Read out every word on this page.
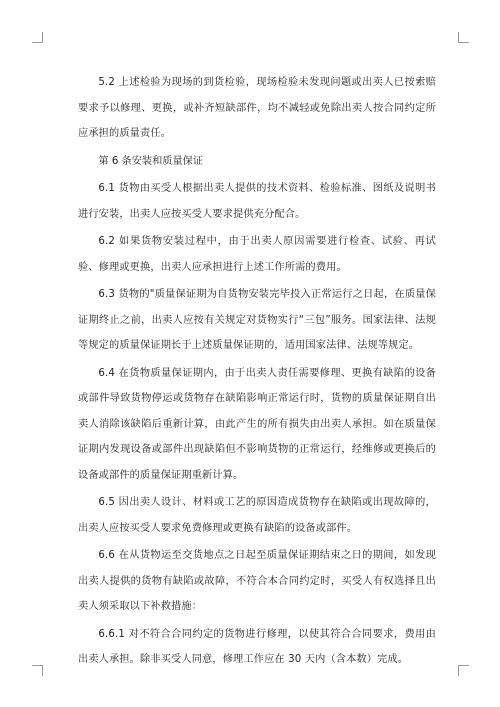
5.2 上述检验为现场的到货检验，现场检验未发现问题或出卖人已按索赔要求予以修理、更换，或补齐短缺部件，均不减轻或免除出卖人按合同约定所应承担的质量责任。

第 6 条安装和质量保证

6.1 货物由买受人根据出卖人提供的技术资料、检验标准、图纸及说明书进行安装，出卖人应按买受人要求提供充分配合。

6.2 如果货物安装过程中，由于出卖人原因需要进行检查、试验、再试验、修理或更换，出卖人应承担进行上述工作所需的费用。

6.3 货物的"质量保证期为自货物安装完毕投入正常运行之日起，在质量保证期终止之前，出卖人应按有关规定对货物实行“三包”服务。国家法律、法规等规定的质量保证期长于上述质量保证期的，适用国家法律、法规等规定。

6.4 在货物质量保证期内，由于出卖人责任需要修理、更换有缺陷的设备或部件导致货物停运或货物存在缺陷影响正常运行时，货物的质量保证期自出卖人消除该缺陷后重新计算，由此产生的所有损失由出卖人承担。如在质量保证期内发现设备或部件出现缺陷但不影响货物的正常运行，经维修或更换后的设备或部件的质量保证期重新计算。

6.5 因出卖人设计、材料或工艺的原因造成货物存在缺陷或出现故障的，出卖人应按买受人要求免费修理或更换有缺陷的设备或部件。

6.6 在从货物运至交货地点之日起至质量保证期结束之日的期间，如发现出卖人提供的货物有缺陷或故障，不符合本合同约定时，买受人有权选择且出卖人须采取以下补救措施：

6.6.1 对不符合合同约定的货物进行修理，以使其符合合同要求，费用由出卖人承担。除非买受人同意，修理工作应在 30 天内（含本数）完成。
